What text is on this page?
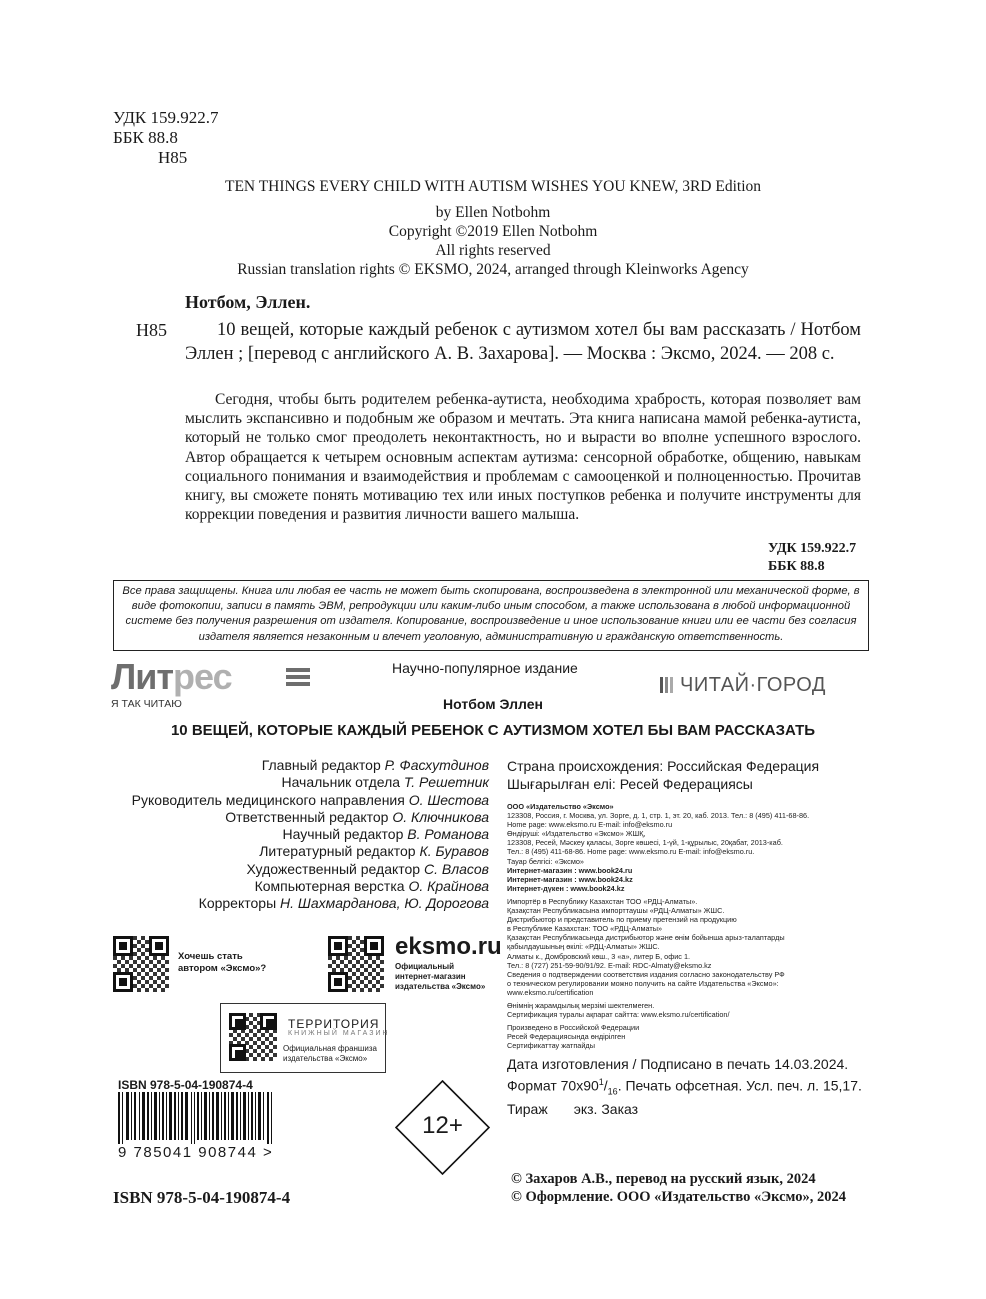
УДК 159.922.7
ББК 88.8
Н85
TEN THINGS EVERY CHILD WITH AUTISM WISHES YOU KNEW, 3RD Edition
by Ellen Notbohm
Copyright ©2019 Ellen Notbohm
All rights reserved
Russian translation rights © EKSMO, 2024, arranged through Kleinworks Agency
Нотбом, Эллен.
Н85	10 вещей, которые каждый ребенок с аутизмом хотел бы вам рассказать / Нотбом Эллен ; [перевод с английского А. В. Захарова]. — Москва : Эксмо, 2024. — 208 с.
Сегодня, чтобы быть родителем ребенка-аутиста, необходима храбрость, которая позволяет вам мыслить экспансивно и подобным же образом и мечтать. Эта книга написана мамой ребенка-аутиста, который не только смог преодолеть неконтактность, но и вырасти во вполне успешного взрослого. Автор обращается к четырем основным аспектам аутизма: сенсорной обработке, общению, навыкам социального понимания и взаимодействия и проблемам с самооценкой и полноценностью. Прочитав книгу, вы сможете понять мотивацию тех или иных поступков ребенка и получите инструменты для коррекции поведения и развития личности вашего малыша.
УДК 159.922.7
ББК 88.8
Все права защищены. Книга или любая ее часть не может быть скопирована, воспроизведена в электронной или механической форме, в виде фотокопии, записи в память ЭВМ, репродукции или каким-либо иным способом, а также использована в любой информационной системе без получения разрешения от издателя. Копирование, воспроизведение и иное использование книги или ее части без согласия издателя является незаконным и влечет уголовную, административную и гражданскую ответственность.
Литрес
Я ТАК ЧИТАЮ
Научно-популярное издание
ЧИТАЙ·ГОРОД
Нотбом Эллен
10 ВЕЩЕЙ, КОТОРЫЕ КАЖДЫЙ РЕБЕНОК С АУТИЗМОМ ХОТЕЛ БЫ ВАМ РАССКАЗАТЬ
Главный редактор Р. Фасхутдинов
Начальник отдела Т. Решетник
Руководитель медицинского направления О. Шестова
Ответственный редактор О. Ключникова
Научный редактор В. Романова
Литературный редактор К. Буравов
Художественный редактор С. Власов
Компьютерная верстка О. Крайнова
Корректоры Н. Шахмарданова, Ю. Дорогова
Страна происхождения: Российская Федерация
Шығарылған елі: Ресей Федерациясы
ООО «Издательство «Эксмо»
123308, Россия, г. Москва, ул. Зорге, д. 1, стр. 1, эт. 20, каб. 2013. Тел.: 8 (495) 411-68-86.
Home page: www.eksmo.ru E-mail: info@eksmo.ru
Өндіруші: «Издательство «Эксмо» ЖШҚ,
123308, Ресей, Мәскеу қаласы, Зорге көшесі, 1-үй, 1-құрылыс, 20қабат, 2013-каб.
Тел.: 8 (495) 411-68-86. Home page: www.eksmo.ru E-mail: info@eksmo.ru.
Тауар белгісі: «Эксмо»
Интернет-магазин : www.book24.ru
Интернет-магазин : www.book24.kz
Интернет-дүкен : www.book24.kz
Импортёр в Республику Казахстан ТОО «РДЦ-Алматы».
Қазақстан Республикасына импорттаушы «РДЦ-Алматы» ЖШС.
Дистрибьютор и представитель по приему претензий на продукцию
в Республике Казахстан: ТОО «РДЦ-Алматы»
Қазақстан Республикасында дистрибьютор және өнім бойынша арыз-талаптарды
қабылдаушының өкілі: «РДЦ-Алматы» ЖШС.
Алматы к., Домбровский көш., 3 «а», литер Б, офис 1.
Тел.: 8 (727) 251-59-90/91/92. E-mail: RDC-Almaty@eksmo.kz
Сведения о подтверждении соответствия издания согласно законодательству РФ
о техническом регулировании можно получить на сайте Издательства «Эксмо»:
www.eksmo.ru/certification
Өнімнің жарамдылық мерзімі шектелмеген.
Сертификация туралы ақпарат сайтта: www.eksmo.ru/certification/
Произведено в Российской Федерации
Ресей Федерациясында өндірілген
Сертификаттау жатпайды
Хочешь стать
автором «Эксмо»?
eksmo.ru
Официальный
интернет-магазин
издательства «Эксмо»
ТЕРРИТОРИЯ
КНИЖНЫЙ МАГАЗИН
Официальная франшиза
издательства «Эксмо»
ISBN 978-5-04-190874-4
9 785041 908744 >
12+
Дата изготовления / Подписано в печать 14.03.2024.
Формат $70х90^1/_{16}$. Печать офсетная. Усл. печ. л. 15,17.
Тираж экз. Заказ
© Захаров А.В., перевод на русский язык, 2024
© Оформление. ООО «Издательство «Эксмо», 2024
ISBN 978-5-04-190874-4
